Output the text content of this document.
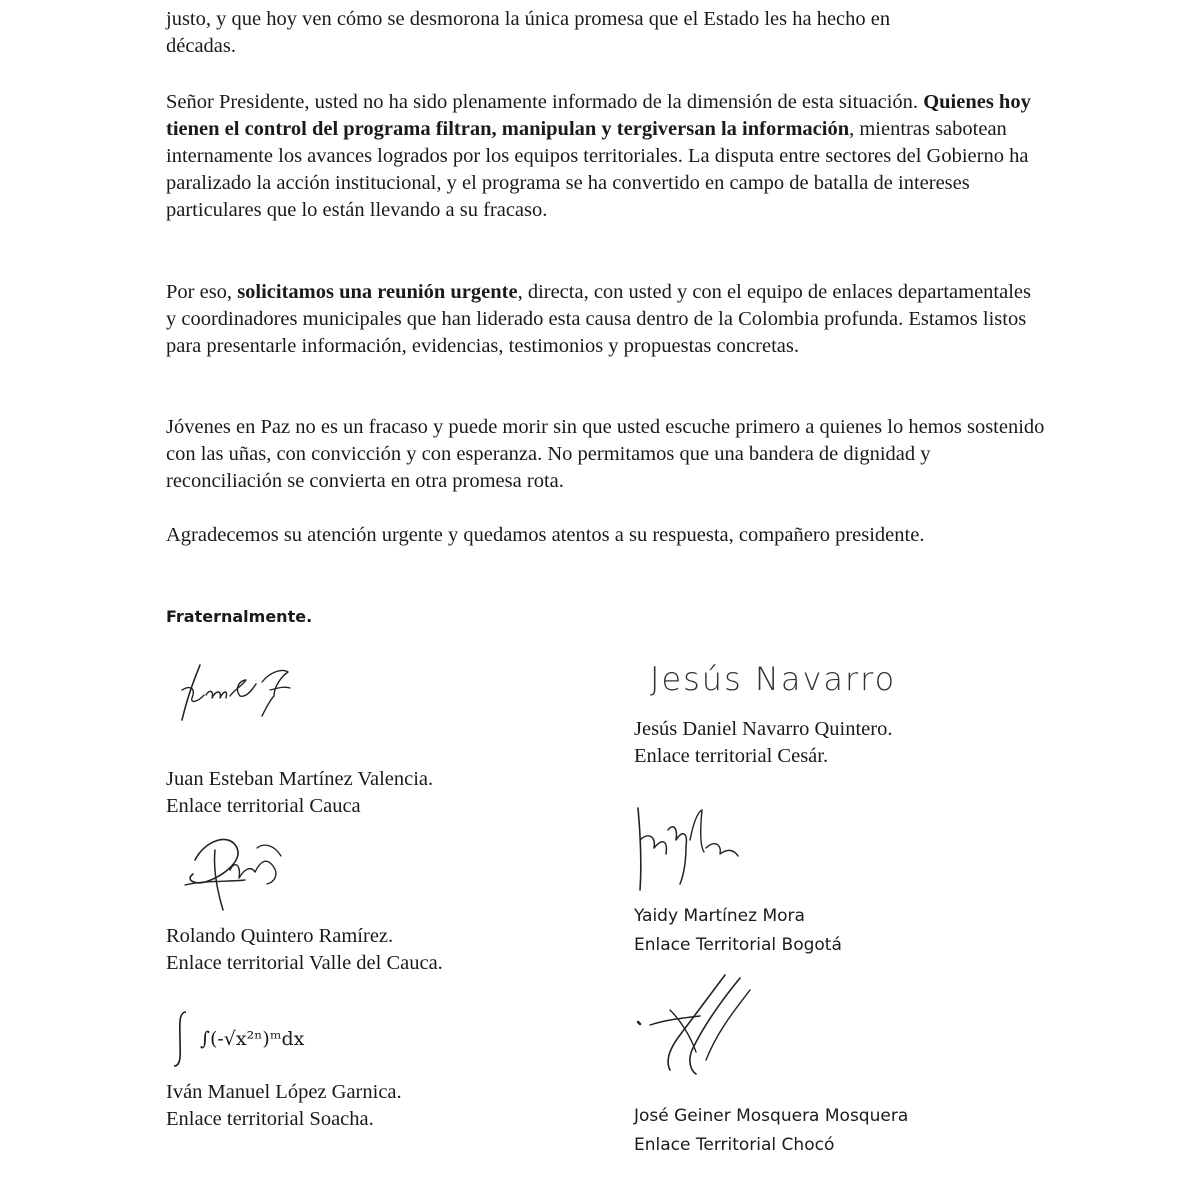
justo, y que hoy ven cómo se desmorona la única promesa que el Estado les ha hecho en
décadas.

Señor Presidente, usted no ha sido plenamente informado de la dimensión de esta situación. Quienes hoy tienen el control del programa filtran, manipulan y tergiversan la información, mientras sabotean internamente los avances logrados por los equipos territoriales. La disputa entre sectores del Gobierno ha paralizado la acción institucional, y el programa se ha convertido en campo de batalla de intereses particulares que lo están llevando a su fracaso.

Por eso, solicitamos una reunión urgente, directa, con usted y con el equipo de enlaces departamentales y coordinadores municipales que han liderado esta causa dentro de la Colombia profunda. Estamos listos para presentarle información, evidencias, testimonios y propuestas concretas.

Jóvenes en Paz no es un fracaso y puede morir sin que usted escuche primero a quienes lo hemos sostenido con las uñas, con convicción y con esperanza. No permitamos que una bandera de dignidad y reconciliación se convierta en otra promesa rota.

Agradecemos su atención urgente y quedamos atentos a su respuesta, compañero presidente.

Fraternalmente.
Jesús Navarro
Jesús Daniel Navarro Quintero.
Enlace territorial Cesár.
Juan Esteban Martínez Valencia.
Enlace territorial Cauca
Rolando Quintero Ramírez.
Enlace territorial Valle del Cauca.
Yaidy Martínez Mora
Enlace Territorial Bogotá
∫(-√x²ⁿ)ᵐdx
Iván Manuel López Garnica.
Enlace territorial Soacha.	José Geiner Mosquera Mosquera
Enlace Territorial Chocó
